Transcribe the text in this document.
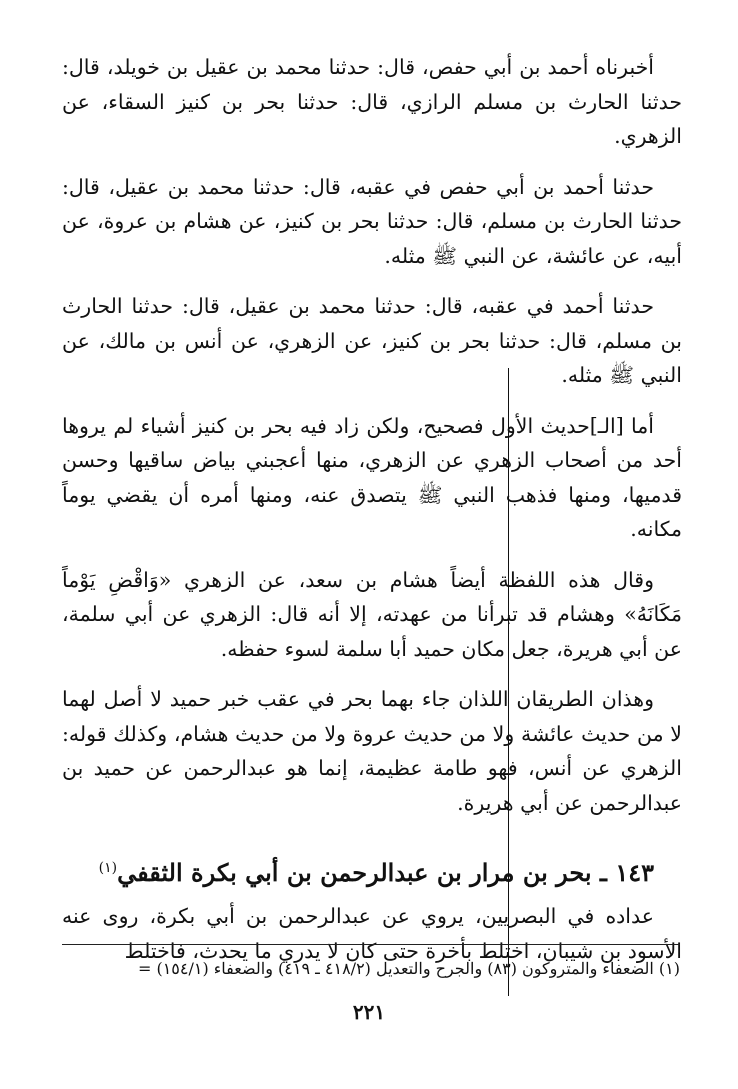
أخبرناه أحمد بن أبي حفص، قال: حدثنا محمد بن عقيل بن خويلد، قال: حدثنا الحارث بن مسلم الرازي، قال: حدثنا بحر بن كنيز السقاء، عن الزهري.

حدثنا أحمد بن أبي حفص في عقبه، قال: حدثنا محمد بن عقيل، قال: حدثنا الحارث بن مسلم، قال: حدثنا بحر بن كنيز، عن هشام بن عروة، عن أبيه، عن عائشة، عن النبي ﷺ مثله.

حدثنا أحمد في عقبه، قال: حدثنا محمد بن عقيل، قال: حدثنا الحارث بن مسلم، قال: حدثنا بحر بن كنيز، عن الزهري، عن أنس بن مالك، عن النبي ﷺ مثله.

أما [الـ]حديث الأول فصحيح، ولكن زاد فيه بحر بن كنيز أشياء لم يروها أحد من أصحاب الزهري عن الزهري، منها أعجبني بياض ساقيها وحسن قدميها، ومنها فذهب النبي ﷺ يتصدق عنه، ومنها أمره أن يقضي يوماً مكانه.

وقال هذه اللفظة أيضاً هشام بن سعد، عن الزهري «وَاقْضِ يَوْماً مَكَانَهُ» وهشام قد تبرأنا من عهدته، إلا أنه قال: الزهري عن أبي سلمة، عن أبي هريرة، جعل مكان حميد أبا سلمة لسوء حفظه.

وهذان الطريقان اللذان جاء بهما بحر في عقب خبر حميد لا أصل لهما لا من حديث عائشة ولا من حديث عروة ولا من حديث هشام، وكذلك قوله: الزهري عن أنس، فهو طامة عظيمة، إنما هو عبدالرحمن عن حميد بن عبدالرحمن عن أبي هريرة.

١٤٣ ـ بحر بن مرار بن عبدالرحمن بن أبي بكرة الثقفي$^{(١)}$

عداده في البصريين، يروي عن عبدالرحمن بن أبي بكرة، روى عنه الأسود بن شيبان، اختلط بأخرة حتى كان لا يدري ما يحدث، فاختلط

(١) الضعفاء والمتروكون (٨٣) والجرح والتعديل (٤١٨/٢ ـ ٤١٩) والضعفاء (١٥٤/١) =
٢٢١
